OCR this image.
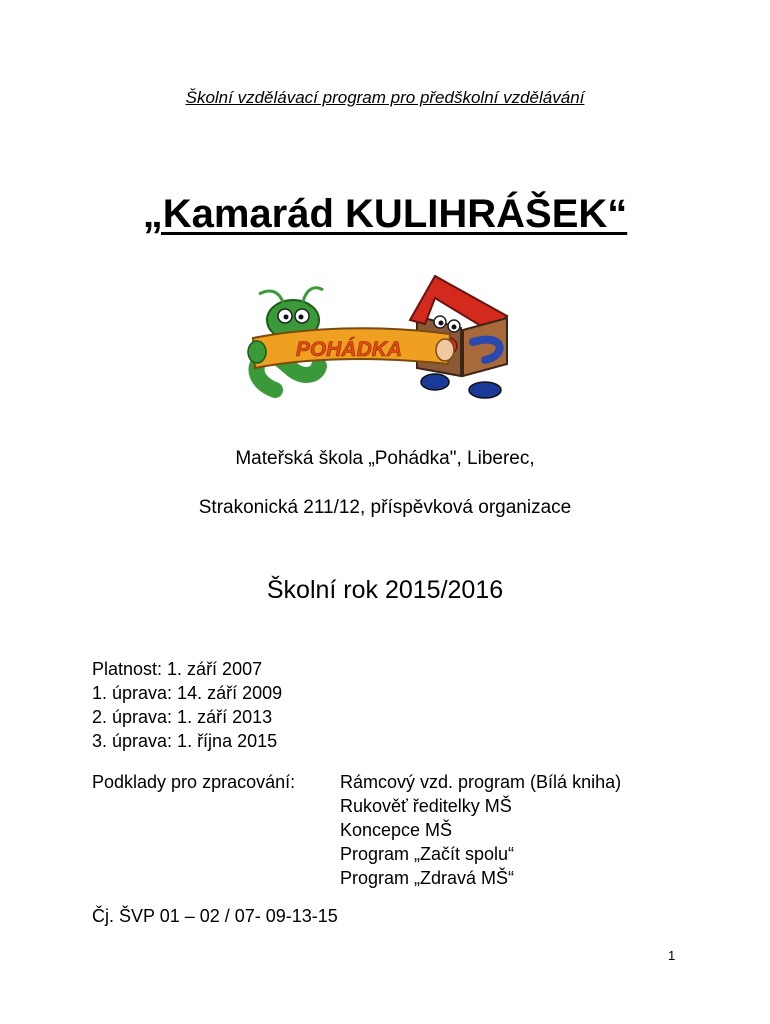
Školní vzdělávací program pro předškolní vzdělávání
„Kamarád KULIHRÁŠEK“
POHÁDKA
Mateřská škola „Pohádka", Liberec,
Strakonická 211/12, příspěvková organizace
Školní rok 2015/2016
Platnost: 1. září 2007
1. úprava: 14. září 2009
2. úprava: 1. září 2013
3. úprava: 1. října 2015
Podklady pro zpracování: Rámcový vzd. program (Bílá kniha)
Rukověť ředitelky MŠ
Koncepce MŠ
Program „Začít spolu“
Program „Zdravá MŠ“
Čj. ŠVP 01 – 02 / 07- 09-13-15
1
